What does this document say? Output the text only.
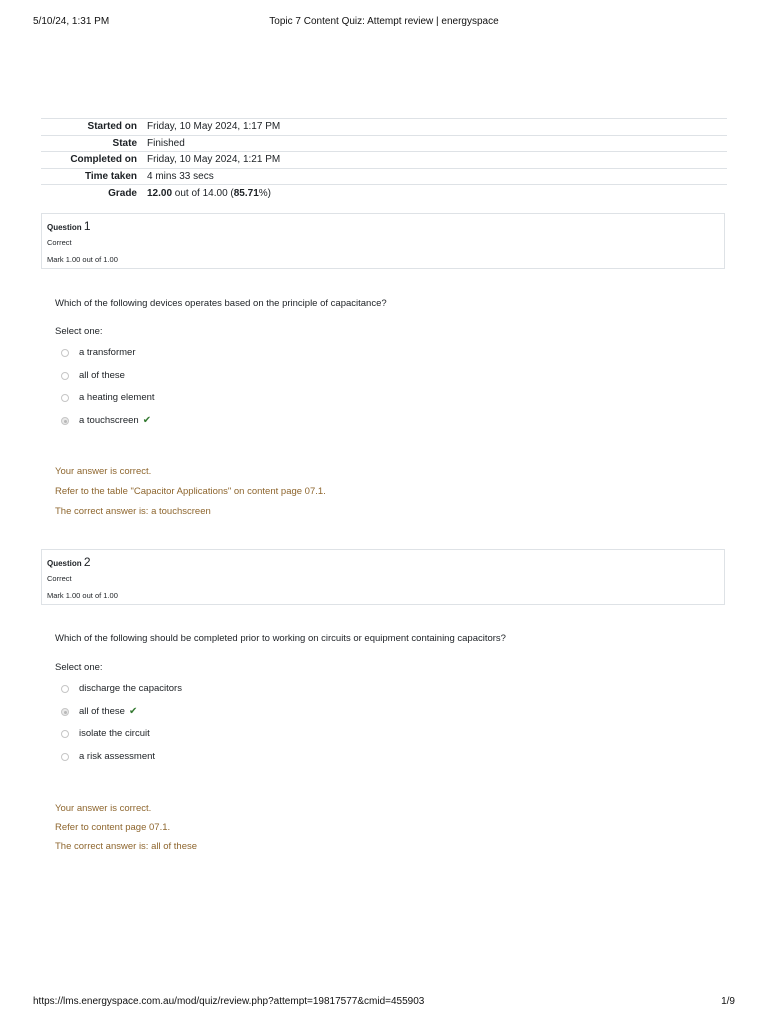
5/10/24, 1:31 PM	Topic 7 Content Quiz: Attempt review | energyspace
Started on	Friday, 10 May 2024, 1:17 PM
State	Finished
Completed on	Friday, 10 May 2024, 1:21 PM
Time taken	4 mins 33 secs
Grade	12.00 out of 14.00 (85.71%)
Question 1
Correct
Mark 1.00 out of 1.00
Which of the following devices operates based on the principle of capacitance?
Select one:
a transformer
all of these
a heating element
a touchscreen ✔
Your answer is correct.
Refer to the table "Capacitor Applications" on content page 07.1.
The correct answer is: a touchscreen
Question 2
Correct
Mark 1.00 out of 1.00
Which of the following should be completed prior to working on circuits or equipment containing capacitors?
Select one:
discharge the capacitors
all of these ✔
isolate the circuit
a risk assessment
Your answer is correct.
Refer to content page 07.1.
The correct answer is: all of these
https://lms.energyspace.com.au/mod/quiz/review.php?attempt=19817577&cmid=455903	1/9
